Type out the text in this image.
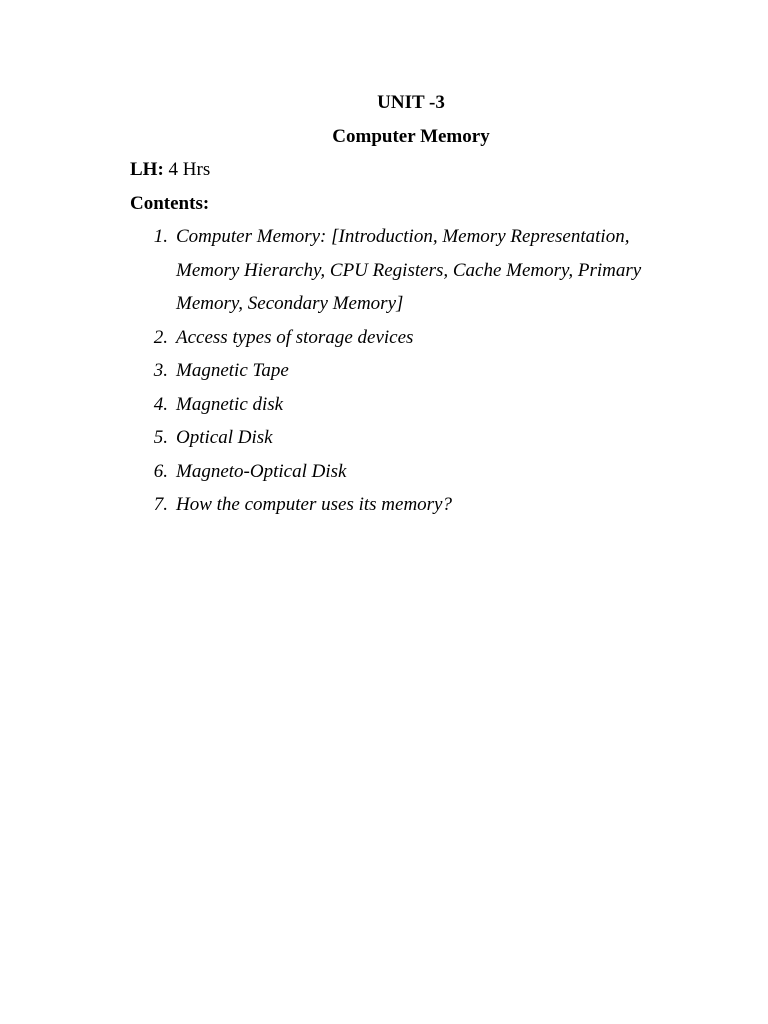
UNIT -3
Computer Memory
LH: 4 Hrs
Contents:
1. Computer Memory: [Introduction, Memory Representation, Memory Hierarchy, CPU Registers, Cache Memory, Primary Memory, Secondary Memory]
2. Access types of storage devices
3. Magnetic Tape
4. Magnetic disk
5. Optical Disk
6. Magneto-Optical Disk
7. How the computer uses its memory?
